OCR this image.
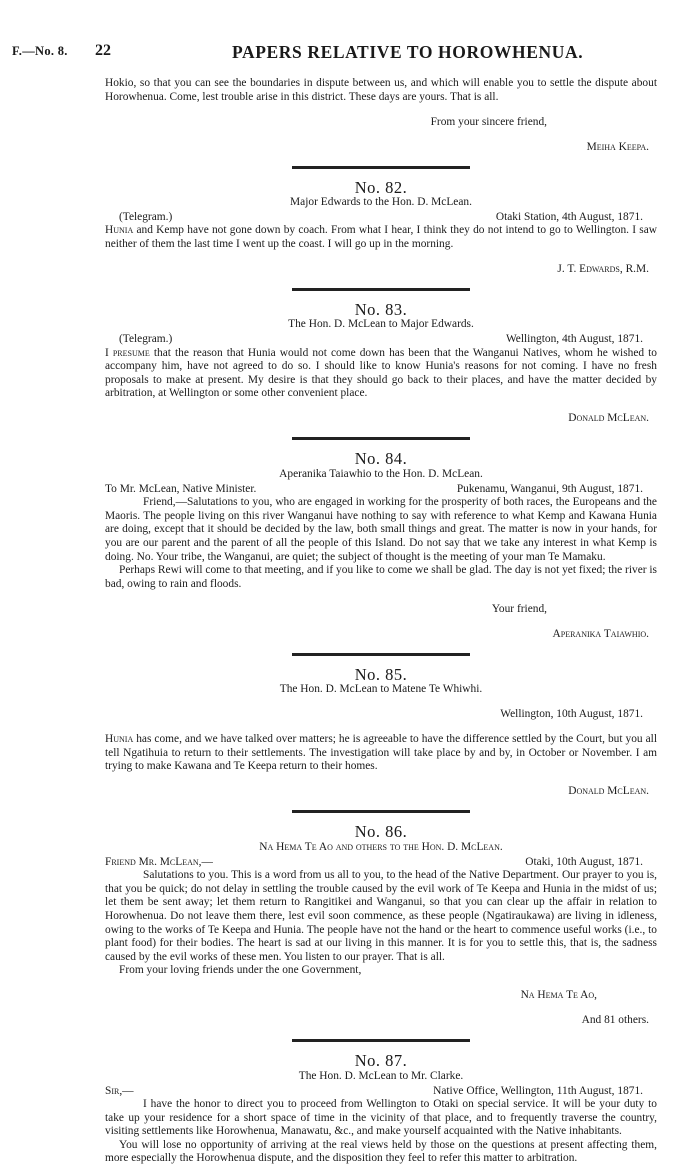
F.—No. 8. 22	PAPERS RELATIVE TO HOROWHENUA.

Hokio, so that you can see the boundaries in dispute between us, and which will enable you to settle the dispute about Horowhenua. Come, lest trouble arise in this district. These days are yours. That is all.

From your sincere friend,

Meiha Keepa.

No. 82.

Major Edwards to the Hon. D. McLean.

(Telegram.)	Otaki Station, 4th August, 1871.

Hunia and Kemp have not gone down by coach. From what I hear, I think they do not intend to go to Wellington. I saw neither of them the last time I went up the coast. I will go up in the morning.

J. T. Edwards, R.M.

No. 83.

The Hon. D. McLean to Major Edwards.

(Telegram.)	Wellington, 4th August, 1871.

I presume that the reason that Hunia would not come down has been that the Wanganui Natives, whom he wished to accompany him, have not agreed to do so. I should like to know Hunia's reasons for not coming. I have no fresh proposals to make at present. My desire is that they should go back to their places, and have the matter decided by arbitration, at Wellington or some other convenient place.

Donald McLean.

No. 84.

Aperanika Taiawhio to the Hon. D. McLean.

To Mr. McLean, Native Minister.	Pukenamu, Wanganui, 9th August, 1871.

Friend,—Salutations to you, who are engaged in working for the prosperity of both races, the Europeans and the Maoris. The people living on this river Wanganui have nothing to say with reference to what Kemp and Kawana Hunia are doing, except that it should be decided by the law, both small things and great. The matter is now in your hands, for you are our parent and the parent of all the people of this Island. Do not say that we take any interest in what Kemp is doing. No. Your tribe, the Wanganui, are quiet; the subject of thought is the meeting of your man Te Mamaku.

Perhaps Rewi will come to that meeting, and if you like to come we shall be glad. The day is not yet fixed; the river is bad, owing to rain and floods.

Your friend,

Aperanika Taiawhio.

No. 85.

The Hon. D. McLean to Matene Te Whiwhi.

Wellington, 10th August, 1871.

Hunia has come, and we have talked over matters; he is agreeable to have the difference settled by the Court, but you all tell Ngatihuia to return to their settlements. The investigation will take place by and by, in October or November. I am trying to make Kawana and Te Keepa return to their homes.

Donald McLean.

No. 86.

Na Hema Te Ao and others to the Hon. D. McLean.

Friend Mr. McLean,—	Otaki, 10th August, 1871.

Salutations to you. This is a word from us all to you, to the head of the Native Department. Our prayer to you is, that you be quick; do not delay in settling the trouble caused by the evil work of Te Keepa and Hunia in the midst of us; let them be sent away; let them return to Rangitikei and Wanganui, so that you can clear up the affair in relation to Horowhenua. Do not leave them there, lest evil soon commence, as these people (Ngatiraukawa) are living in idleness, owing to the works of Te Keepa and Hunia. The people have not the hand or the heart to commence useful works (i.e., to plant food) for their bodies. The heart is sad at our living in this manner. It is for you to settle this, that is, the sadness caused by the evil works of these men. You listen to our prayer. That is all.

From your loving friends under the one Government,

Na Hema Te Ao,

And 81 others.

No. 87.

The Hon. D. McLean to Mr. Clarke.

Sir,—	Native Office, Wellington, 11th August, 1871.

I have the honor to direct you to proceed from Wellington to Otaki on special service. It will be your duty to take up your residence for a short space of time in the vicinity of that place, and to frequently traverse the country, visiting settlements like Horowhenua, Manawatu, &c., and make yourself acquainted with the Native inhabitants.

You will lose no opportunity of arriving at the real views held by those on the questions at present affecting them, more especially the Horowhenua dispute, and the disposition they feel to refer this matter to arbitration.
